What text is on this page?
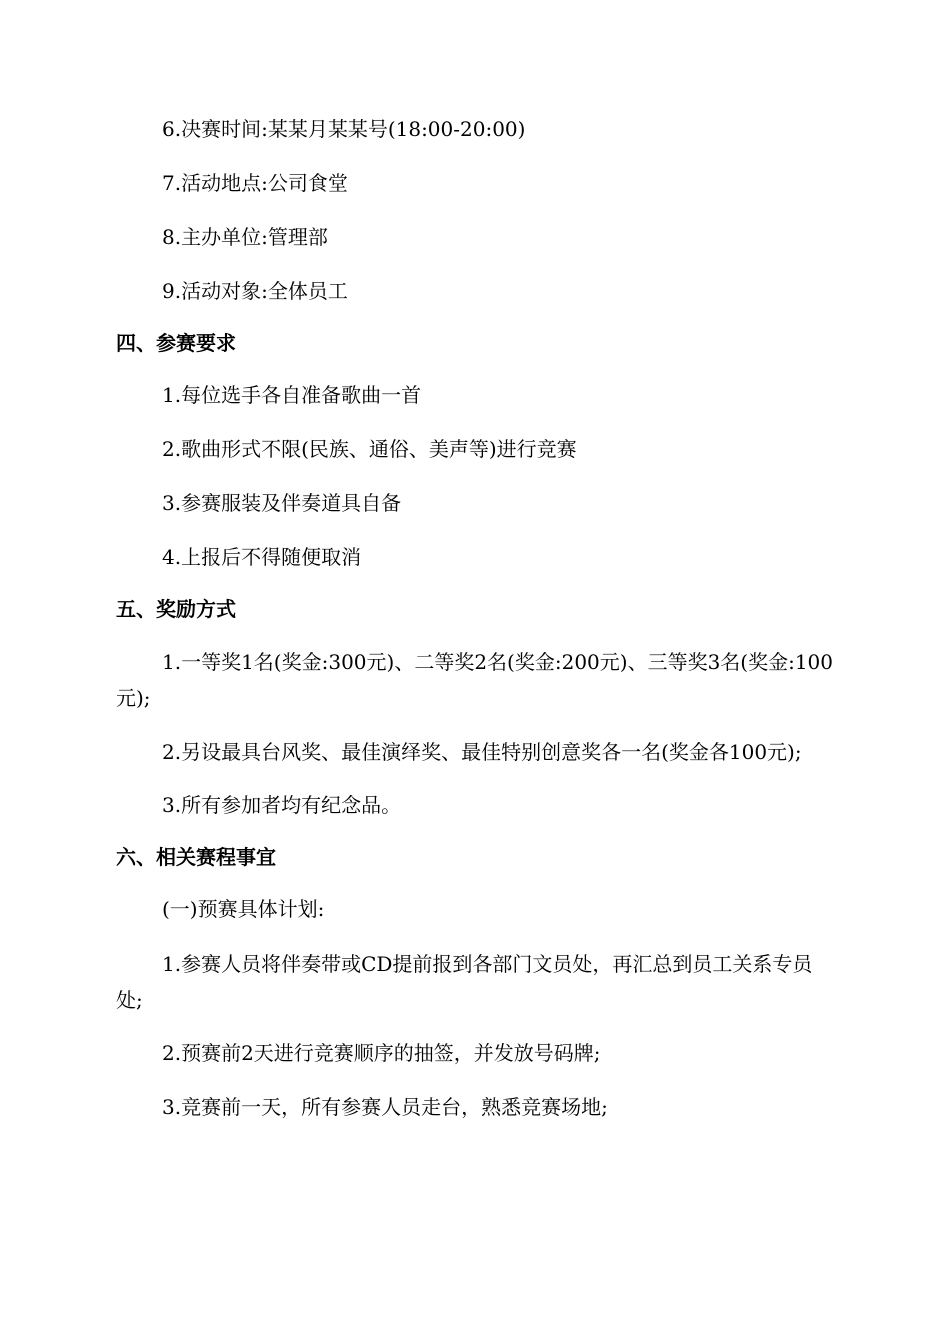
6.决赛时间:某某月某某号(18:00-20:00)
7.活动地点:公司食堂
8.主办单位:管理部
9.活动对象:全体员工
四、参赛要求
1.每位选手各自准备歌曲一首
2.歌曲形式不限(民族、通俗、美声等)进行竞赛
3.参赛服装及伴奏道具自备
4.上报后不得随便取消
五、奖励方式
1.一等奖1名(奖金:300元)、二等奖2名(奖金:200元)、三等奖3名(奖金:100元);
2.另设最具台风奖、最佳演绎奖、最佳特别创意奖各一名(奖金各100元);
3.所有参加者均有纪念品。
六、相关赛程事宜
(一)预赛具体计划:
1.参赛人员将伴奏带或CD提前报到各部门文员处，再汇总到员工关系专员处;
2.预赛前2天进行竞赛顺序的抽签，并发放号码牌;
3.竞赛前一天，所有参赛人员走台，熟悉竞赛场地;
